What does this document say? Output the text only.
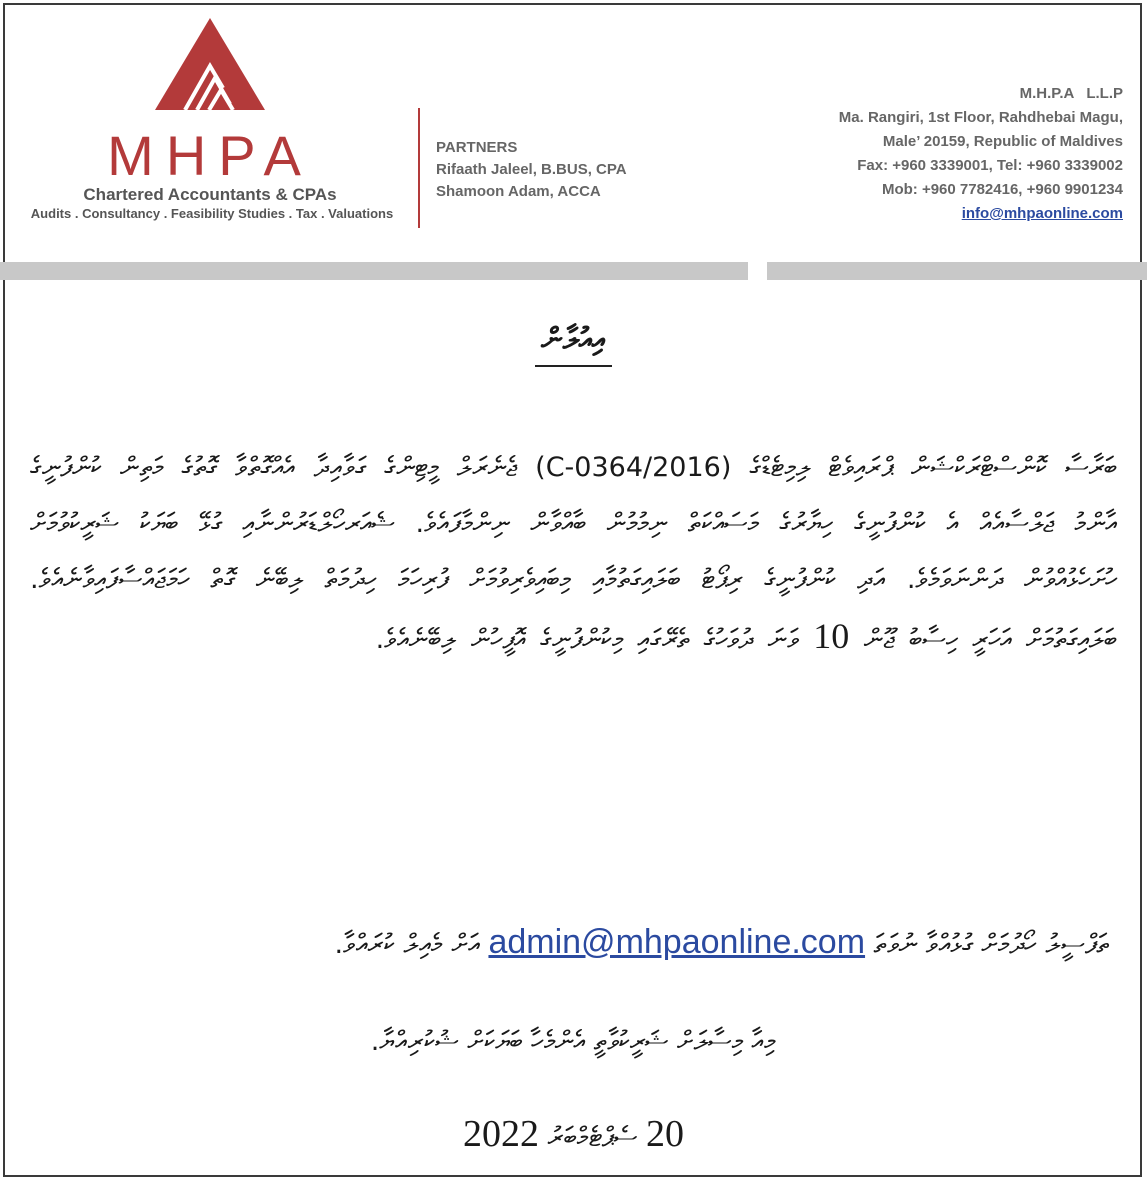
MHPA
Chartered Accountants & CPAs
Audits . Consultancy . Feasibility Studies . Tax . Valuations
PARTNERS
Rifaath Jaleel, B.BUS, CPA
Shamoon Adam, ACCA
M.H.P.A   L.L.P
Ma. Rangiri, 1st Floor, Rahdhebai Magu,
Male’ 20159, Republic of Maldives
Fax: +960 3339001, Tel: +960 3339002
Mob: +960 7782416, +960 9901234
info@mhpaonline.com
އިއުލާން
ބަރާސާ ކޮންސްޓްރަކްޝަން ޕްރައިވެޓް ލިމިޓެޑްގެ (C-0364/2016) ޖެނެރަލް މީޓިންގެ ގަވާއިދާ އެއްގޮތްވާ ގޮތުގެ މަތިން ކުންފުނީގެ އާންމު ޖަލްސާއެއް އެ ކުންފުނީގެ ހިޔާރުގެ މަސައްކަތް ނިމުމުން ބާއްވާން ނިންމާފައެވެ. ޝެއަރހޯލްޑަރުންނާއި ގުޅޭ ބަޔަކު ޝަރީކުވުމަށް ހުށަހެޅުއްވުން ދަންނަވަމެވެ. އަދި ކުންފުނީގެ ރިޕޯޓު ބަލައިގަތުމާއި މިބައިވެރިވުމަށް ފުރިހަމަ ހިދުމަތް ލިބޭނެ ގޮތް ހަމަޖައްސާފައިވާނެއެވެ. ބަލައިގަތުމަށް އަހަރީ ހިސާބު ޖޫން 10 ވަނަ ދުވަހުގެ ތެރޭގައި މިކުންފުނީގެ އޮފީހުން ލިބޭނެއެވެ.
ތަފްސީލު ހޯދުމަށް ގުޅުއްވާ ނުވަތަ admin@mhpaonline.com އަށް މެއިލް ކުރައްވާ.
މިއާ މިސާލަށް ޝަރީކުވާތީ އެންމެހާ ބަޔަކަށް ޝުކުރިއްޔާ.
20 ސެޕްޓެމްބަރު 2022
